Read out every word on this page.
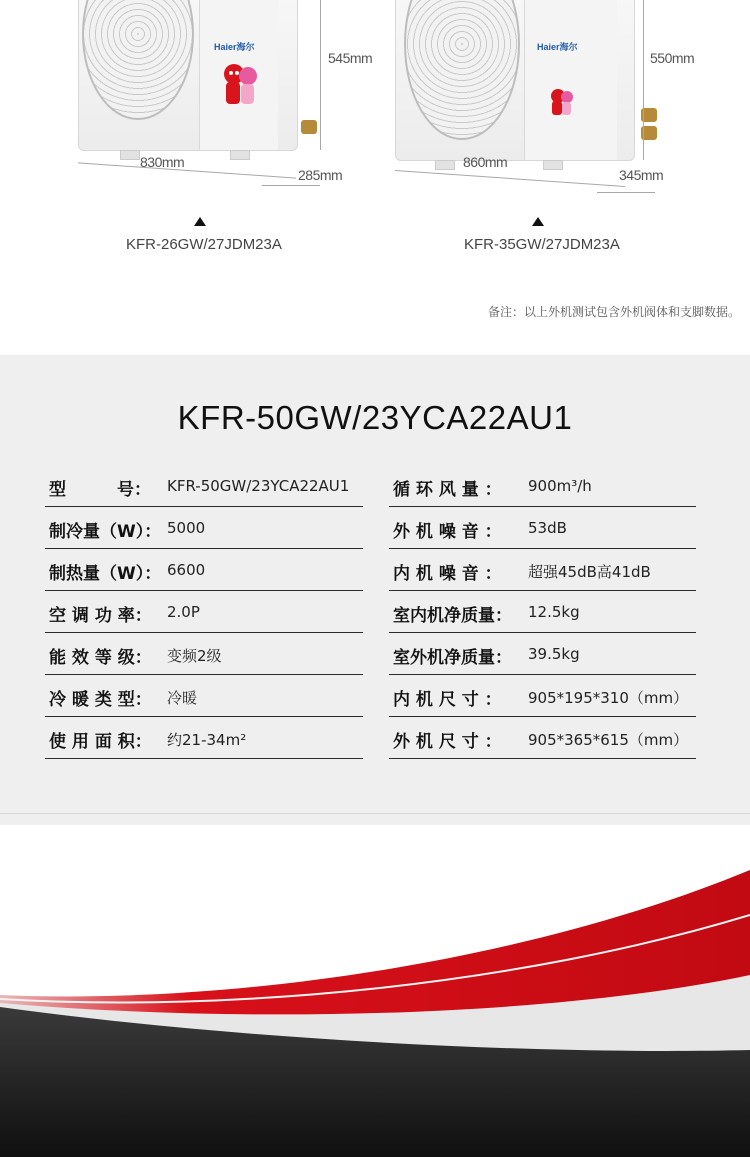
Haier海尔
545mm
830mm
285mm
KFR-26GW/27JDM23A
Haier海尔
550mm
860mm
345mm
KFR-35GW/27JDM23A
备注：以上外机测试包含外机阀体和支脚数据。
KFR-50GW/23YCA22AU1
型　　　号： KFR-50GW/23YCA22AU1
制冷量（W）： 5000
制热量（W）： 6600
空 调 功 率： 2.0P
能 效 等 级： 变频2级
冷 暖 类 型： 冷暖
使 用 面 积： 约21-34m²
循 环 风 量 ： 900m³/h
外 机 噪 音 ： 53dB
内 机 噪 音 ： 超强45dB高41dB
室内机净质量： 12.5kg
室外机净质量： 39.5kg
内 机 尺 寸 ： 905*195*310（mm）
外 机 尺 寸 ： 905*365*615（mm）
